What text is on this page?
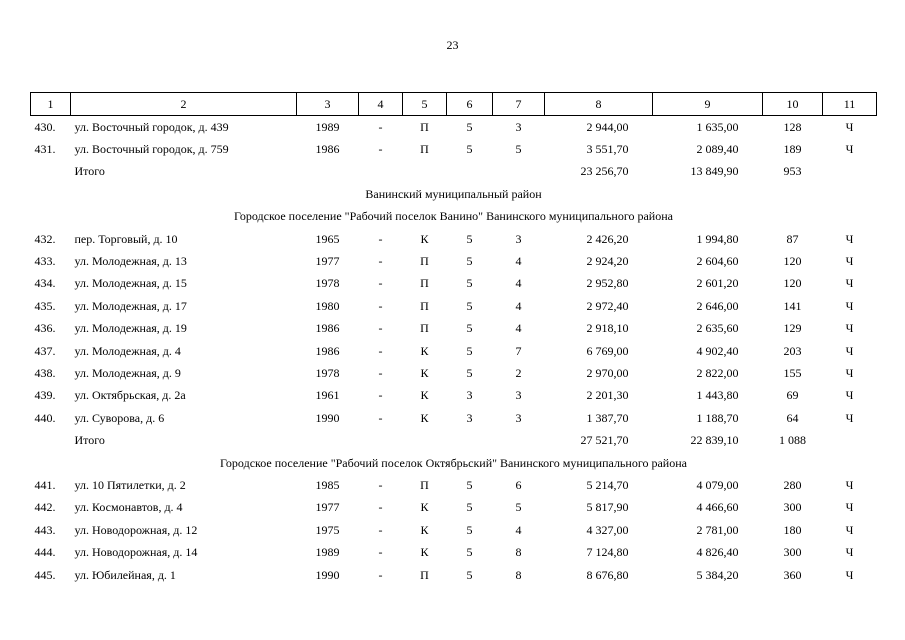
23
1	2	3	4	5	6	7	8	9	10	11
430.	ул. Восточный городок, д. 439	1989	-	П	5	3	2 944,00	1 635,00	128	Ч
431.	ул. Восточный городок, д. 759	1986	-	П	5	5	3 551,70	2 089,40	189	Ч
	Итого						23 256,70	13 849,90	953	
Ванинский муниципальный район										
Городское поселение "Рабочий поселок Ванино" Ванинского муниципального района										
432.	пер. Торговый, д. 10	1965	-	К	5	3	2 426,20	1 994,80	87	Ч
433.	ул. Молодежная, д. 13	1977	-	П	5	4	2 924,20	2 604,60	120	Ч
434.	ул. Молодежная, д. 15	1978	-	П	5	4	2 952,80	2 601,20	120	Ч
435.	ул. Молодежная, д. 17	1980	-	П	5	4	2 972,40	2 646,00	141	Ч
436.	ул. Молодежная, д. 19	1986	-	П	5	4	2 918,10	2 635,60	129	Ч
437.	ул. Молодежная, д. 4	1986	-	К	5	7	6 769,00	4 902,40	203	Ч
438.	ул. Молодежная, д. 9	1978	-	К	5	2	2 970,00	2 822,00	155	Ч
439.	ул. Октябрьская, д. 2а	1961	-	К	3	3	2 201,30	1 443,80	69	Ч
440.	ул. Суворова, д. 6	1990	-	К	3	3	1 387,70	1 188,70	64	Ч
	Итого						27 521,70	22 839,10	1 088	
Городское поселение "Рабочий поселок Октябрьский" Ванинского муниципального района										
441.	ул. 10 Пятилетки, д. 2	1985	-	П	5	6	5 214,70	4 079,00	280	Ч
442.	ул. Космонавтов, д. 4	1977	-	К	5	5	5 817,90	4 466,60	300	Ч
443.	ул. Новодорожная, д. 12	1975	-	К	5	4	4 327,00	2 781,00	180	Ч
444.	ул. Новодорожная, д. 14	1989	-	К	5	8	7 124,80	4 826,40	300	Ч
445.	ул. Юбилейная, д. 1	1990	-	П	5	8	8 676,80	5 384,20	360	Ч
